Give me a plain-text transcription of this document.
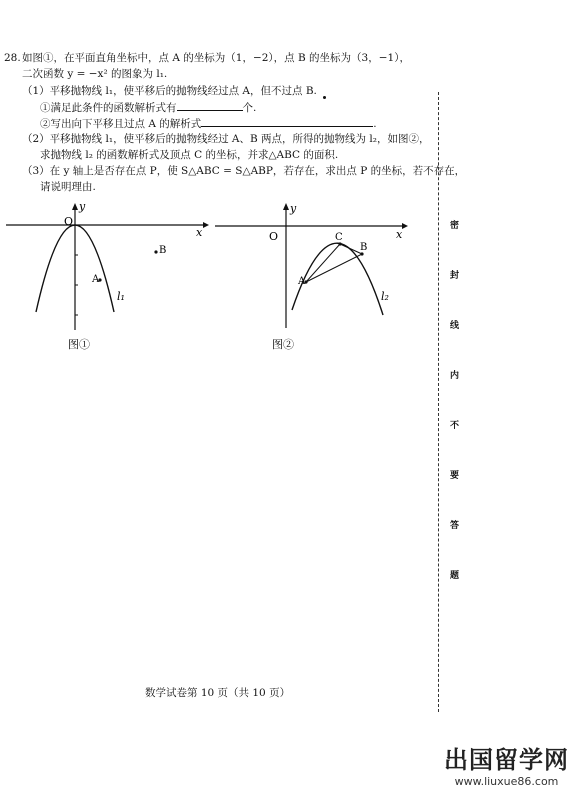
28. 如图①，在平面直角坐标中，点 A 的坐标为（1，−2），点 B 的坐标为（3，−1），
二次函数 y = −x² 的图象为 l₁.
（1）平移抛物线 l₁，使平移后的抛物线经过点 A，但不过点 B.
①满足此条件的函数解析式有	个.
②写出向下平移且过点 A 的解析式	.
（2）平移抛物线 l₁，使平移后的抛物线经过 A、B 两点，所得的抛物线为 l₂，如图②，
求抛物线 l₂ 的函数解析式及顶点 C 的坐标，并求△ABC 的面积.
（3）在 y 轴上是否存在点 P，使 S△ABC = S△ABP，若存在，求出点 P 的坐标，若不存在，
请说明理由.
x
y
O
A
B
l₁
图①
x
y
O
A
C
B
l₂
图②
密
封
线
内
不
要
答
题
数学试卷第 10 页（共 10 页）
出国留学网
www.liuxue86.com
